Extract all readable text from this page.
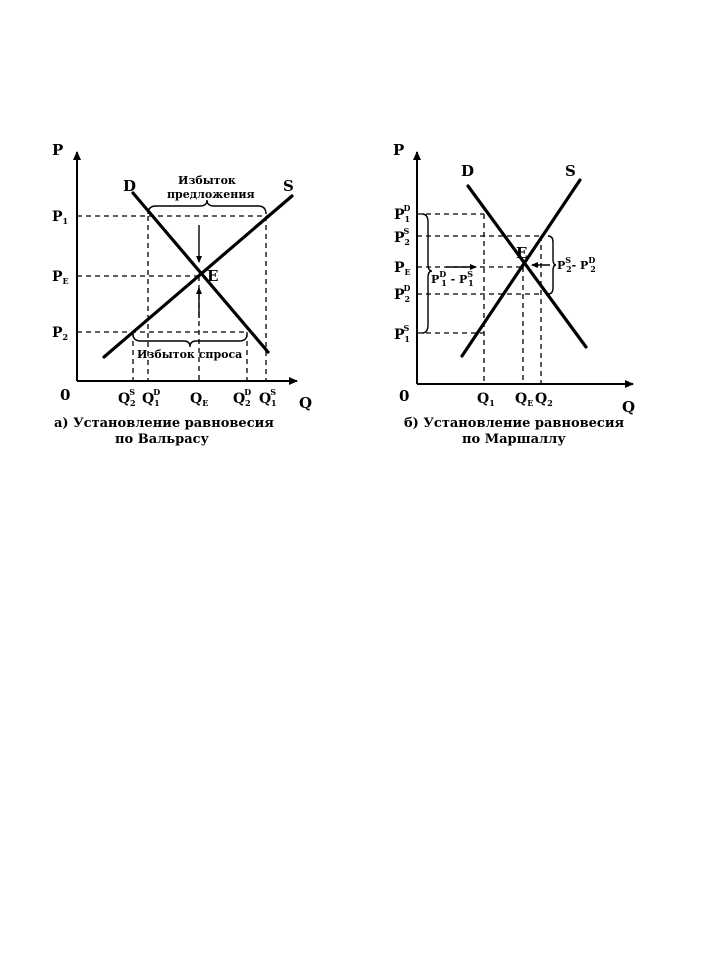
P
Q
0
D	S
E
$P_1$
$P_E$
$P_2$
Избыток
предложения
Избыток спроса
QS 2 QD 1 $Q_E$ QD 2 QS 1
а) Установление равновесия
по Вальрасу
P
Q
0
D	S
E
PD 1
PS 2
$P_E$
PD 2
PS 1
$P^D$ $1 - P^S$ 1
$P^S$ 2- $P^D$ 2
$Q_1$ $Q_E$ $Q_2$
б) Установление равновесия
по Маршаллу
